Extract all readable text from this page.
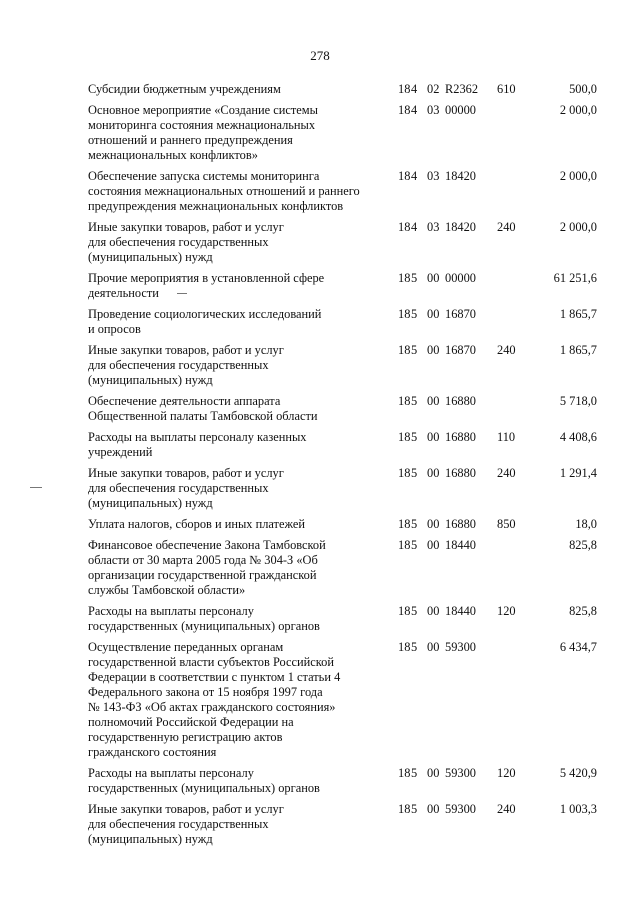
278
Субсидии бюджетным учреждениям	18 4 02 R2362 610	500,0
Основное мероприятие «Создание системы
мониторинга состояния межнациональных
отношений и раннего предупреждения
межнациональных конфликтов»
18 4 03 00000	2 000,0
Обеспечение запуска системы мониторинга
состояния межнациональных отношений и раннего
предупреждения межнациональных конфликтов
18 4 03 18420	2 000,0
Иные закупки товаров, работ и услуг
для обеспечения государственных
(муниципальных) нужд
18 4 03 18420 240	2 000,0
Прочие мероприятия в установленной сфере
деятельности
18 5 00 00000	61 251,6
Проведение социологических исследований
и опросов
18 5 00 16870	1 865,7
Иные закупки товаров, работ и услуг
для обеспечения государственных
(муниципальных) нужд
18 5 00 16870 240	1 865,7
Обеспечение деятельности аппарата
Общественной палаты Тамбовской области
18 5 00 16880	5 718,0
Расходы на выплаты персоналу казенных
учреждений
18 5 00 16880 110	4 408,6
Иные закупки товаров, работ и услуг
для обеспечения государственных
(муниципальных) нужд
18 5 00 16880 240	1 291,4
Уплата налогов, сборов и иных платежей	18 5 00 16880 850	18,0
Финансовое обеспечение Закона Тамбовской
области от 30 марта 2005 года № 304-З «Об
организации государственной гражданской
службы Тамбовской области»
18 5 00 18440	825,8
Расходы на выплаты персоналу
государственных (муниципальных) органов
18 5 00 18440 120	825,8
Осуществление переданных органам
государственной власти субъектов Российской
Федерации в соответствии с пунктом 1 статьи 4
Федерального закона от 15 ноября 1997 года
№ 143-ФЗ «Об актах гражданского состояния»
полномочий Российской Федерации на
государственную регистрацию актов
гражданского состояния
18 5 00 59300	6 434,7
Расходы на выплаты персоналу
государственных (муниципальных) органов
18 5 00 59300 120	5 420,9
Иные закупки товаров, работ и услуг
для обеспечения государственных
(муниципальных) нужд
18 5 00 59300 240	1 003,3
